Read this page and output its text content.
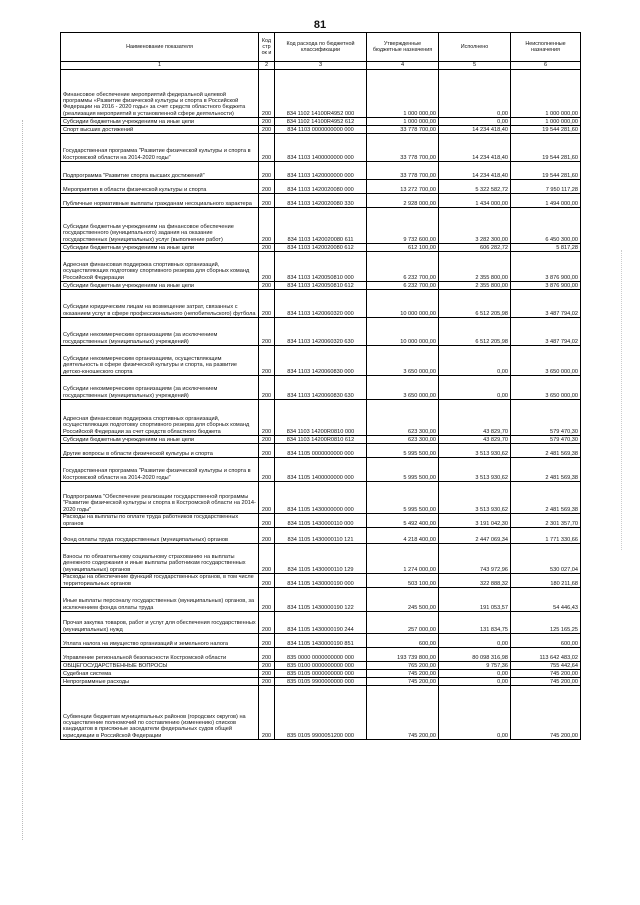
81
Наименование показателя	Код строк и	Код расхода по бюджетной классификации	Утвержденные бюджетные назначения	Исполнено	Неисполненные назначения
1	2	3	4	5	6
Финансовое обеспечение мероприятий федеральной целевой программы «Развитие физической культуры и спорта в Российской Федерации на 2016 - 2020 годы» за счет средств областного бюджета (реализация мероприятий в установленной сфере деятельности)	200	834 1102 14100R4952 000	1 000 000,00	0,00	1 000 000,00
Субсидии бюджетным учреждениям на иные цели	200	834 1102 14100R4952 612	1 000 000,00	0,00	1 000 000,00
Спорт высших достижений	200	834 1103 0000000000 000	33 778 700,00	14 234 418,40	19 544 281,60
Государственная программа "Развитие физической культуры и спорта в Костромской области на 2014-2020 годы"	200	834 1103 1400000000 000	33 778 700,00	14 234 418,40	19 544 281,60
Подпрограмма "Развитие спорта высших достижений"	200	834 1103 1420000000 000	33 778 700,00	14 234 418,40	19 544 281,60
Мероприятия в области физической культуры и спорта	200	834 1103 1420020080 000	13 272 700,00	5 322 582,72	7 950 117,28
Публичные нормативные выплаты гражданам несоциального характера	200	834 1103 1420020080 330	2 928 000,00	1 434 000,00	1 494 000,00
Субсидии бюджетным учреждениям на финансовое обеспечение государственного (муниципального) задания на оказание государственных (муниципальных) услуг (выполнение работ)	200	834 1103 1420020080 611	9 732 600,00	3 282 300,00	6 450 300,00
Субсидии бюджетным учреждениям на иные цели	200	834 1103 1420020080 612	612 100,00	606 282,72	5 817,28
Адресная финансовая поддержка спортивных организаций, осуществляющих подготовку спортивного резерва для сборных команд Российской Федерации	200	834 1103 1420050810 000	6 232 700,00	2 355 800,00	3 876 900,00
Субсидии бюджетным учреждениям на иные цели	200	834 1103 1420050810 612	6 232 700,00	2 355 800,00	3 876 900,00
Субсидии юридическим лицам на возмещение затрат, связанных с оказанием услуг в сфере профессионального (непобительского) футбола	200	834 1103 1420060320 000	10 000 000,00	6 512 205,98	3 487 794,02
Субсидии некоммерческим организациям (за исключением государственных (муниципальных) учреждений)	200	834 1103 1420060320 630	10 000 000,00	6 512 205,98	3 487 794,02
Субсидии некоммерческим организациям, осуществляющим деятельность в сфере физической культуры и спорта, на развитие детско-юношеского спорта	200	834 1103 1420060830 000	3 650 000,00	0,00	3 650 000,00
Субсидии некоммерческим организациям (за исключением государственных (муниципальных) учреждений)	200	834 1103 1420060830 630	3 650 000,00	0,00	3 650 000,00
Адресная финансовая поддержка спортивных организаций, осуществляющих подготовку спортивного резерва для сборных команд Российской Федерации за счет средств областного бюджета	200	834 1103 14200R0810 000	623 300,00	43 829,70	579 470,30
Субсидии бюджетным учреждениям на иные цели	200	834 1103 14200R0810 612	623 300,00	43 829,70	579 470,30
Другие вопросы в области физической культуры и спорта	200	834 1105 0000000000 000	5 995 500,00	3 513 930,62	2 481 569,38
Государственная программа "Развитие физической культуры и спорта в Костромской области на 2014-2020 годы"	200	834 1105 1400000000 000	5 995 500,00	3 513 930,62	2 481 569,38
Подпрограмма "Обеспечение реализации государственной программы "Развитие физической культуры и спорта в Костромской области на 2014-2020 годы"	200	834 1105 1430000000 000	5 995 500,00	3 513 930,62	2 481 569,38
Расходы на выплаты по оплате труда работников государственных органов	200	834 1105 1430000110 000	5 492 400,00	3 191 042,30	2 301 357,70
Фонд оплаты труда государственных (муниципальных) органов	200	834 1105 1430000110 121	4 218 400,00	2 447 069,34	1 771 330,66
Взносы по обязательному социальному страхованию на выплаты денежного содержания и иные выплаты работникам государственных (муниципальных) органов	200	834 1105 1430000110 129	1 274 000,00	743 972,96	530 027,04
Расходы на обеспечение функций государственных органов, в том числе территориальных органов	200	834 1105 1430000190 000	503 100,00	322 888,32	180 211,68
Иные выплаты персоналу государственных (муниципальных) органов, за исключением фонда оплаты труда	200	834 1105 1430000190 122	245 500,00	191 053,57	54 446,43
Прочая закупка товаров, работ и услуг для обеспечения государственных (муниципальных) нужд	200	834 1105 1430000190 244	257 000,00	131 834,75	125 165,25
Уплата налога на имущество организаций и земельного налога	200	834 1105 1430000190 851	600,00	0,00	600,00
Управление региональной безопасности Костромской области	200	835 0000 0000000000 000	193 739 800,00	80 098 316,98	113 642 483,02
ОБЩЕГОСУДАРСТВЕННЫЕ ВОПРОСЫ	200	835 0100 0000000000 000	765 200,00	9 757,36	755 442,64
Судебная система	200	835 0105 0000000000 000	745 200,00	0,00	745 200,00
Непрограммные расходы	200	835 0105 9900000000 000	745 200,00	0,00	745 200,00
Субвенции бюджетам муниципальных районов (городских округов) на осуществление полномочий по составлению (изменению) списков кандидатов в присяжные заседатели федеральных судов общей юрисдикции в Российской Федерации	200	835 0105 9900051200 000	745 200,00	0,00	745 200,00
